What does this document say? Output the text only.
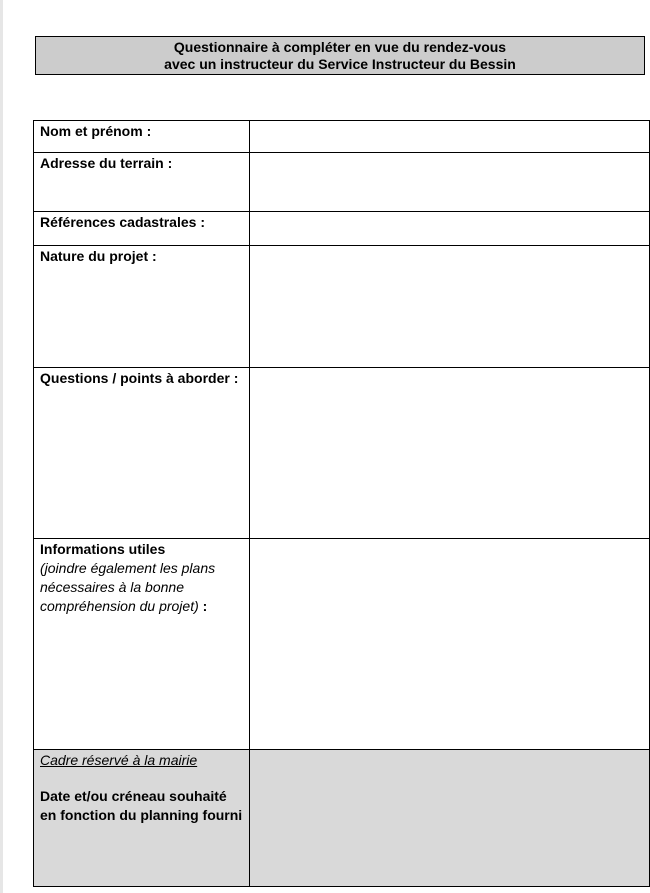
Questionnaire à compléter en vue du rendez-vous
avec un instructeur du Service Instructeur du Bessin
Nom et prénom :	
Adresse du terrain :	
Références cadastrales :	
Nature du projet :	
Questions / points à aborder :	
Informations utiles
(joindre également les plans nécessaires à la bonne compréhension du projet) :	

Cadre réservé à la mairie
Date et/ou créneau souhaité en fonction du planning fourni	
